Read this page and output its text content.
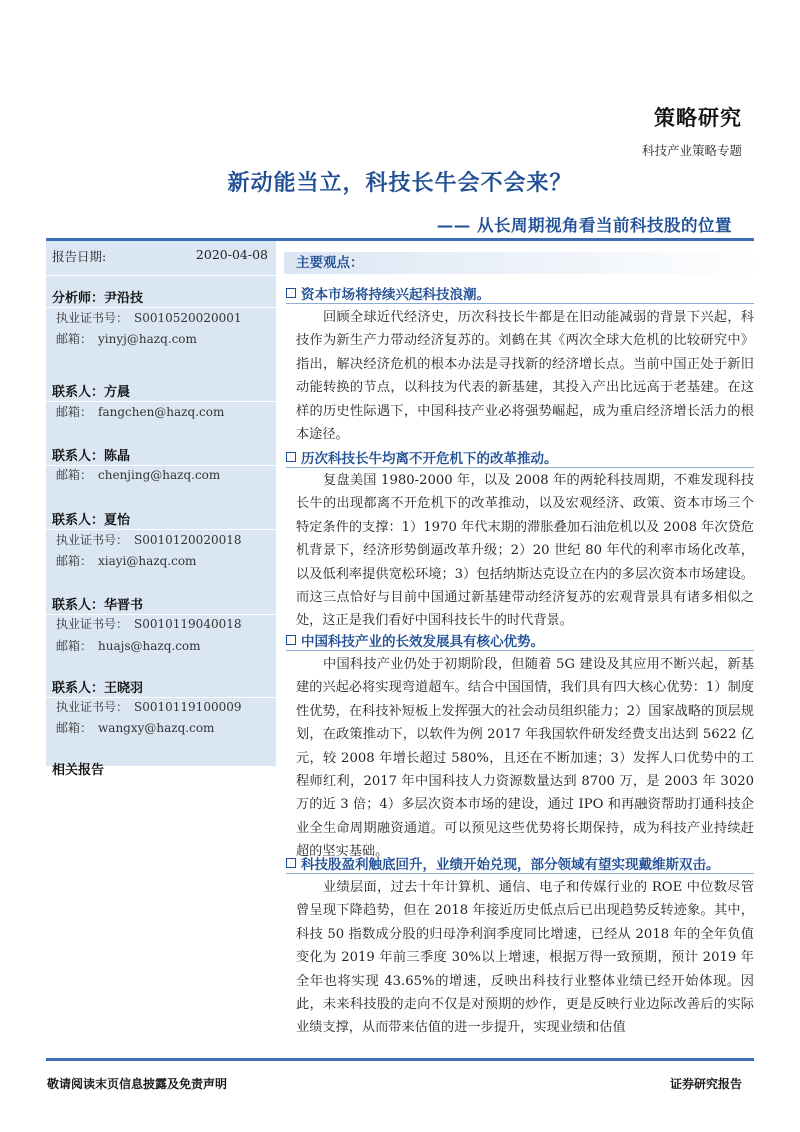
策略研究
科技产业策略专题
新动能当立，科技长牛会不会来？
—— 从长周期视角看当前科技股的位置
报告日期:	2020-04-08
分析师：尹沿技
执业证书号： S0010520020001
邮箱： yinyj@hazq.com
联系人：方晨
邮箱： fangchen@hazq.com
联系人：陈晶
邮箱： chenjing@hazq.com
联系人：夏怡
执业证书号： S0010120020018
邮箱： xiayi@hazq.com
联系人：华晋书
执业证书号： S0010119040018
邮箱： huajs@hazq.com
联系人：王晓羽
执业证书号： S0010119100009
邮箱： wangxy@hazq.com
相关报告
主要观点：
资本市场将持续兴起科技浪潮。

回顾全球近代经济史，历次科技长牛都是在旧动能减弱的背景下兴起，科技作为新生产力带动经济复苏的。刘鹤在其《两次全球大危机的比较研究中》指出，解决经济危机的根本办法是寻找新的经济增长点。当前中国正处于新旧动能转换的节点，以科技为代表的新基建，其投入产出比远高于老基建。在这样的历史性际遇下，中国科技产业必将强势崛起，成为重启经济增长活力的根本途径。

历次科技长牛均离不开危机下的改革推动。

复盘美国 1980-2000 年，以及 2008 年的两轮科技周期，不难发现科技长牛的出现都离不开危机下的改革推动，以及宏观经济、政策、资本市场三个特定条件的支撑：1）1970 年代末期的滞胀叠加石油危机以及 2008 年次贷危机背景下，经济形势倒逼改革升级；2）20 世纪 80 年代的利率市场化改革，以及低利率提供宽松环境；3）包括纳斯达克设立在内的多层次资本市场建设。而这三点恰好与目前中国通过新基建带动经济复苏的宏观背景具有诸多相似之处，这正是我们看好中国科技长牛的时代背景。

中国科技产业的长效发展具有核心优势。

中国科技产业仍处于初期阶段，但随着 5G 建设及其应用不断兴起，新基建的兴起必将实现弯道超车。结合中国国情，我们具有四大核心优势：1）制度性优势，在科技补短板上发挥强大的社会动员组织能力；2）国家战略的顶层规划，在政策推动下，以软件为例 2017 年我国软件研发经费支出达到 5622 亿元，较 2008 年增长超过 580%，且还在不断加速；3）发挥人口优势中的工程师红利，2017 年中国科技人力资源数量达到 8700 万，是 2003 年 3020 万的近 3 倍；4）多层次资本市场的建设，通过 IPO 和再融资帮助打通科技企业全生命周期融资通道。可以预见这些优势将长期保持，成为科技产业持续赶超的坚实基础。

科技股盈利触底回升，业绩开始兑现，部分领域有望实现戴维斯双击。

业绩层面，过去十年计算机、通信、电子和传媒行业的 ROE 中位数尽管曾呈现下降趋势，但在 2018 年接近历史低点后已出现趋势反转迹象。其中，科技 50 指数成分股的归母净利润季度同比增速，已经从 2018 年的全年负值变化为 2019 年前三季度 30%以上增速，根据万得一致预期，预计 2019 年全年也将实现 43.65%的增速，反映出科技行业整体业绩已经开始体现。因此，未来科技股的走向不仅是对预期的炒作，更是反映行业边际改善后的实际业绩支撑，从而带来估值的进一步提升，实现业绩和估值

敬请阅读末页信息披露及免责声明	证券研究报告
